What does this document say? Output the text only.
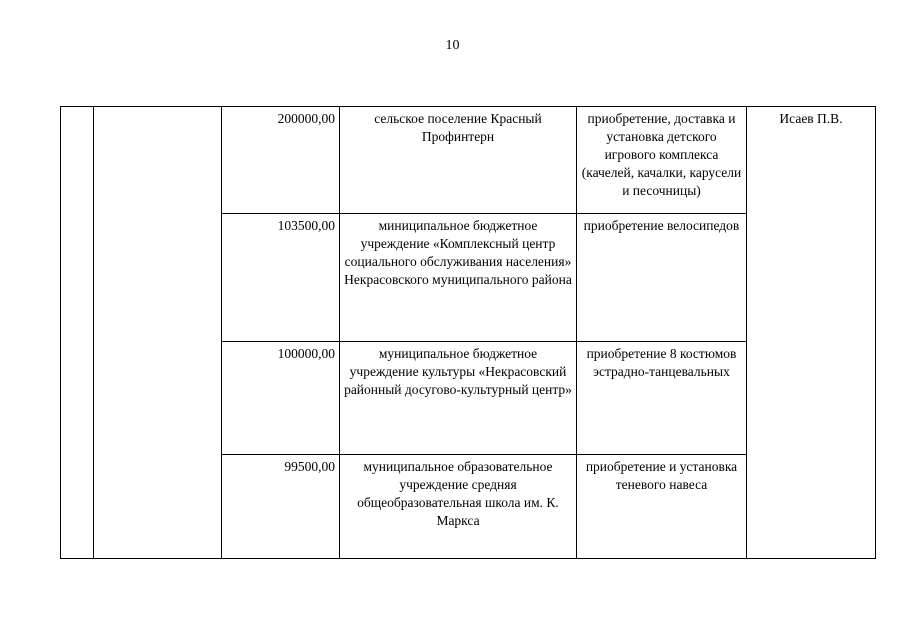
10
		200000,00	сельское поселение Красный Профинтерн	приобретение, доставка и установка детского игрового комплекса (качелей, качалки, карусели и песочницы)	Исаев П.В.
		103500,00	миниципальное бюджетное учреждение «Комплексный центр социального обслуживания населения» Некрасовского муниципального района	приобретение велосипедов	
		100000,00	муниципальное бюджетное учреждение культуры «Некрасовский районный досугово-культурный центр»	приобретение 8 костюмов эстрадно-танцевальных	
		99500,00	муниципальное образовательное учреждение средняя общеобразовательная школа им. К. Маркса	приобретение и установка теневого навеса	
